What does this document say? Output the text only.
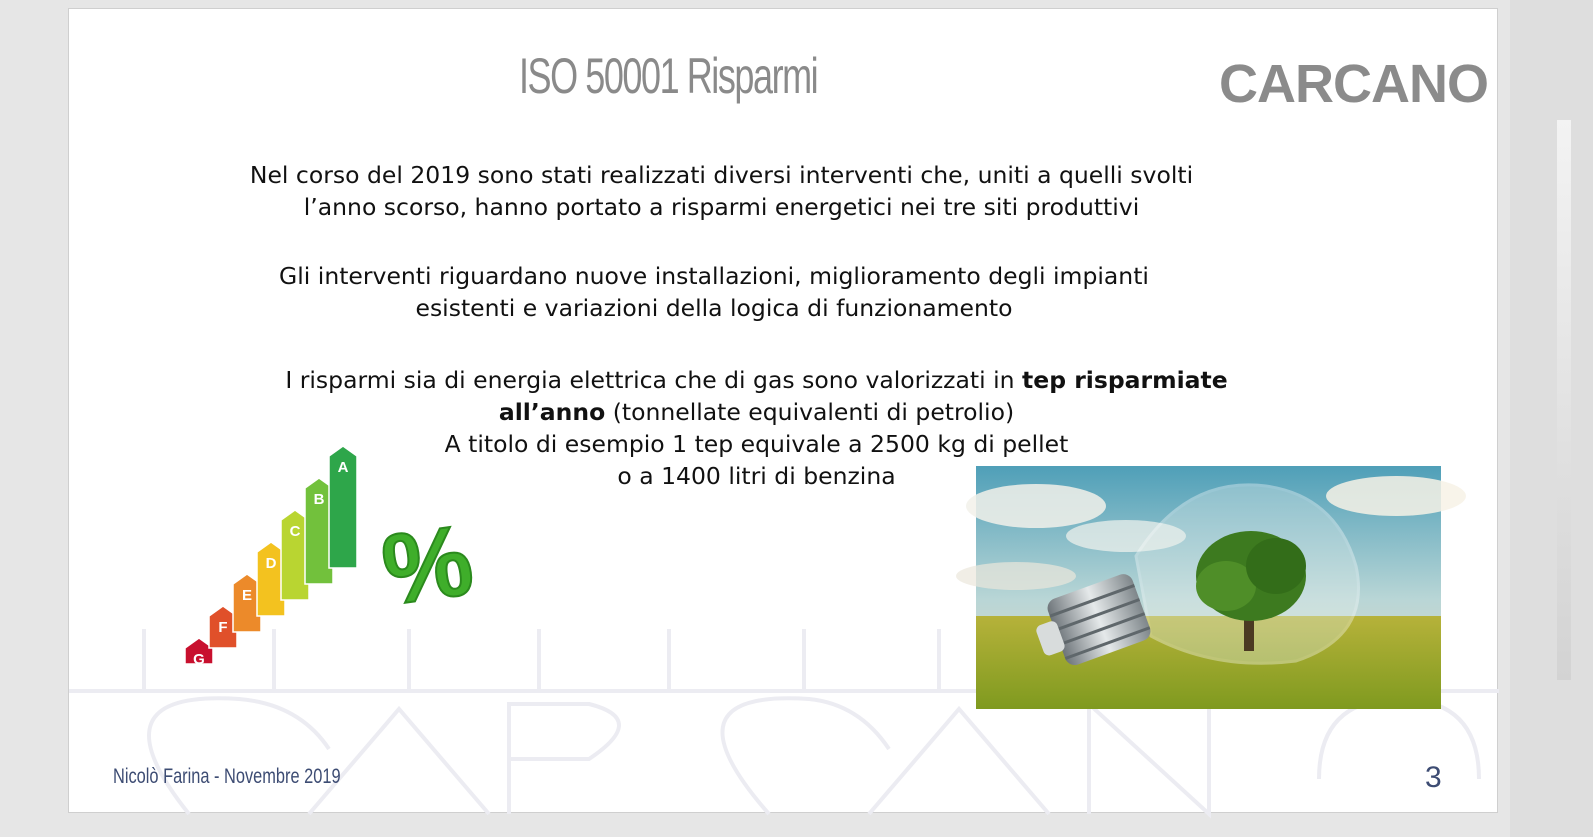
ISO 50001 Risparmi	CARCANO
Nel corso del 2019 sono stati realizzati diversi interventi che, uniti a quelli svolti l’anno scorso, hanno portato a risparmi energetici nei tre siti produttivi
Gli interventi riguardano nuove installazioni, miglioramento degli impianti esistenti e variazioni della logica di funzionamento
I risparmi sia di energia elettrica che di gas sono valorizzati in tep risparmiate
all’anno (tonnellate equivalenti di petrolio)
A titolo di esempio 1 tep equivale a 2500 kg di pellet
o a 1400 litri di benzina
G
F
E
D
C
B
A
%
Nicolò Farina - Novembre 2019	3
